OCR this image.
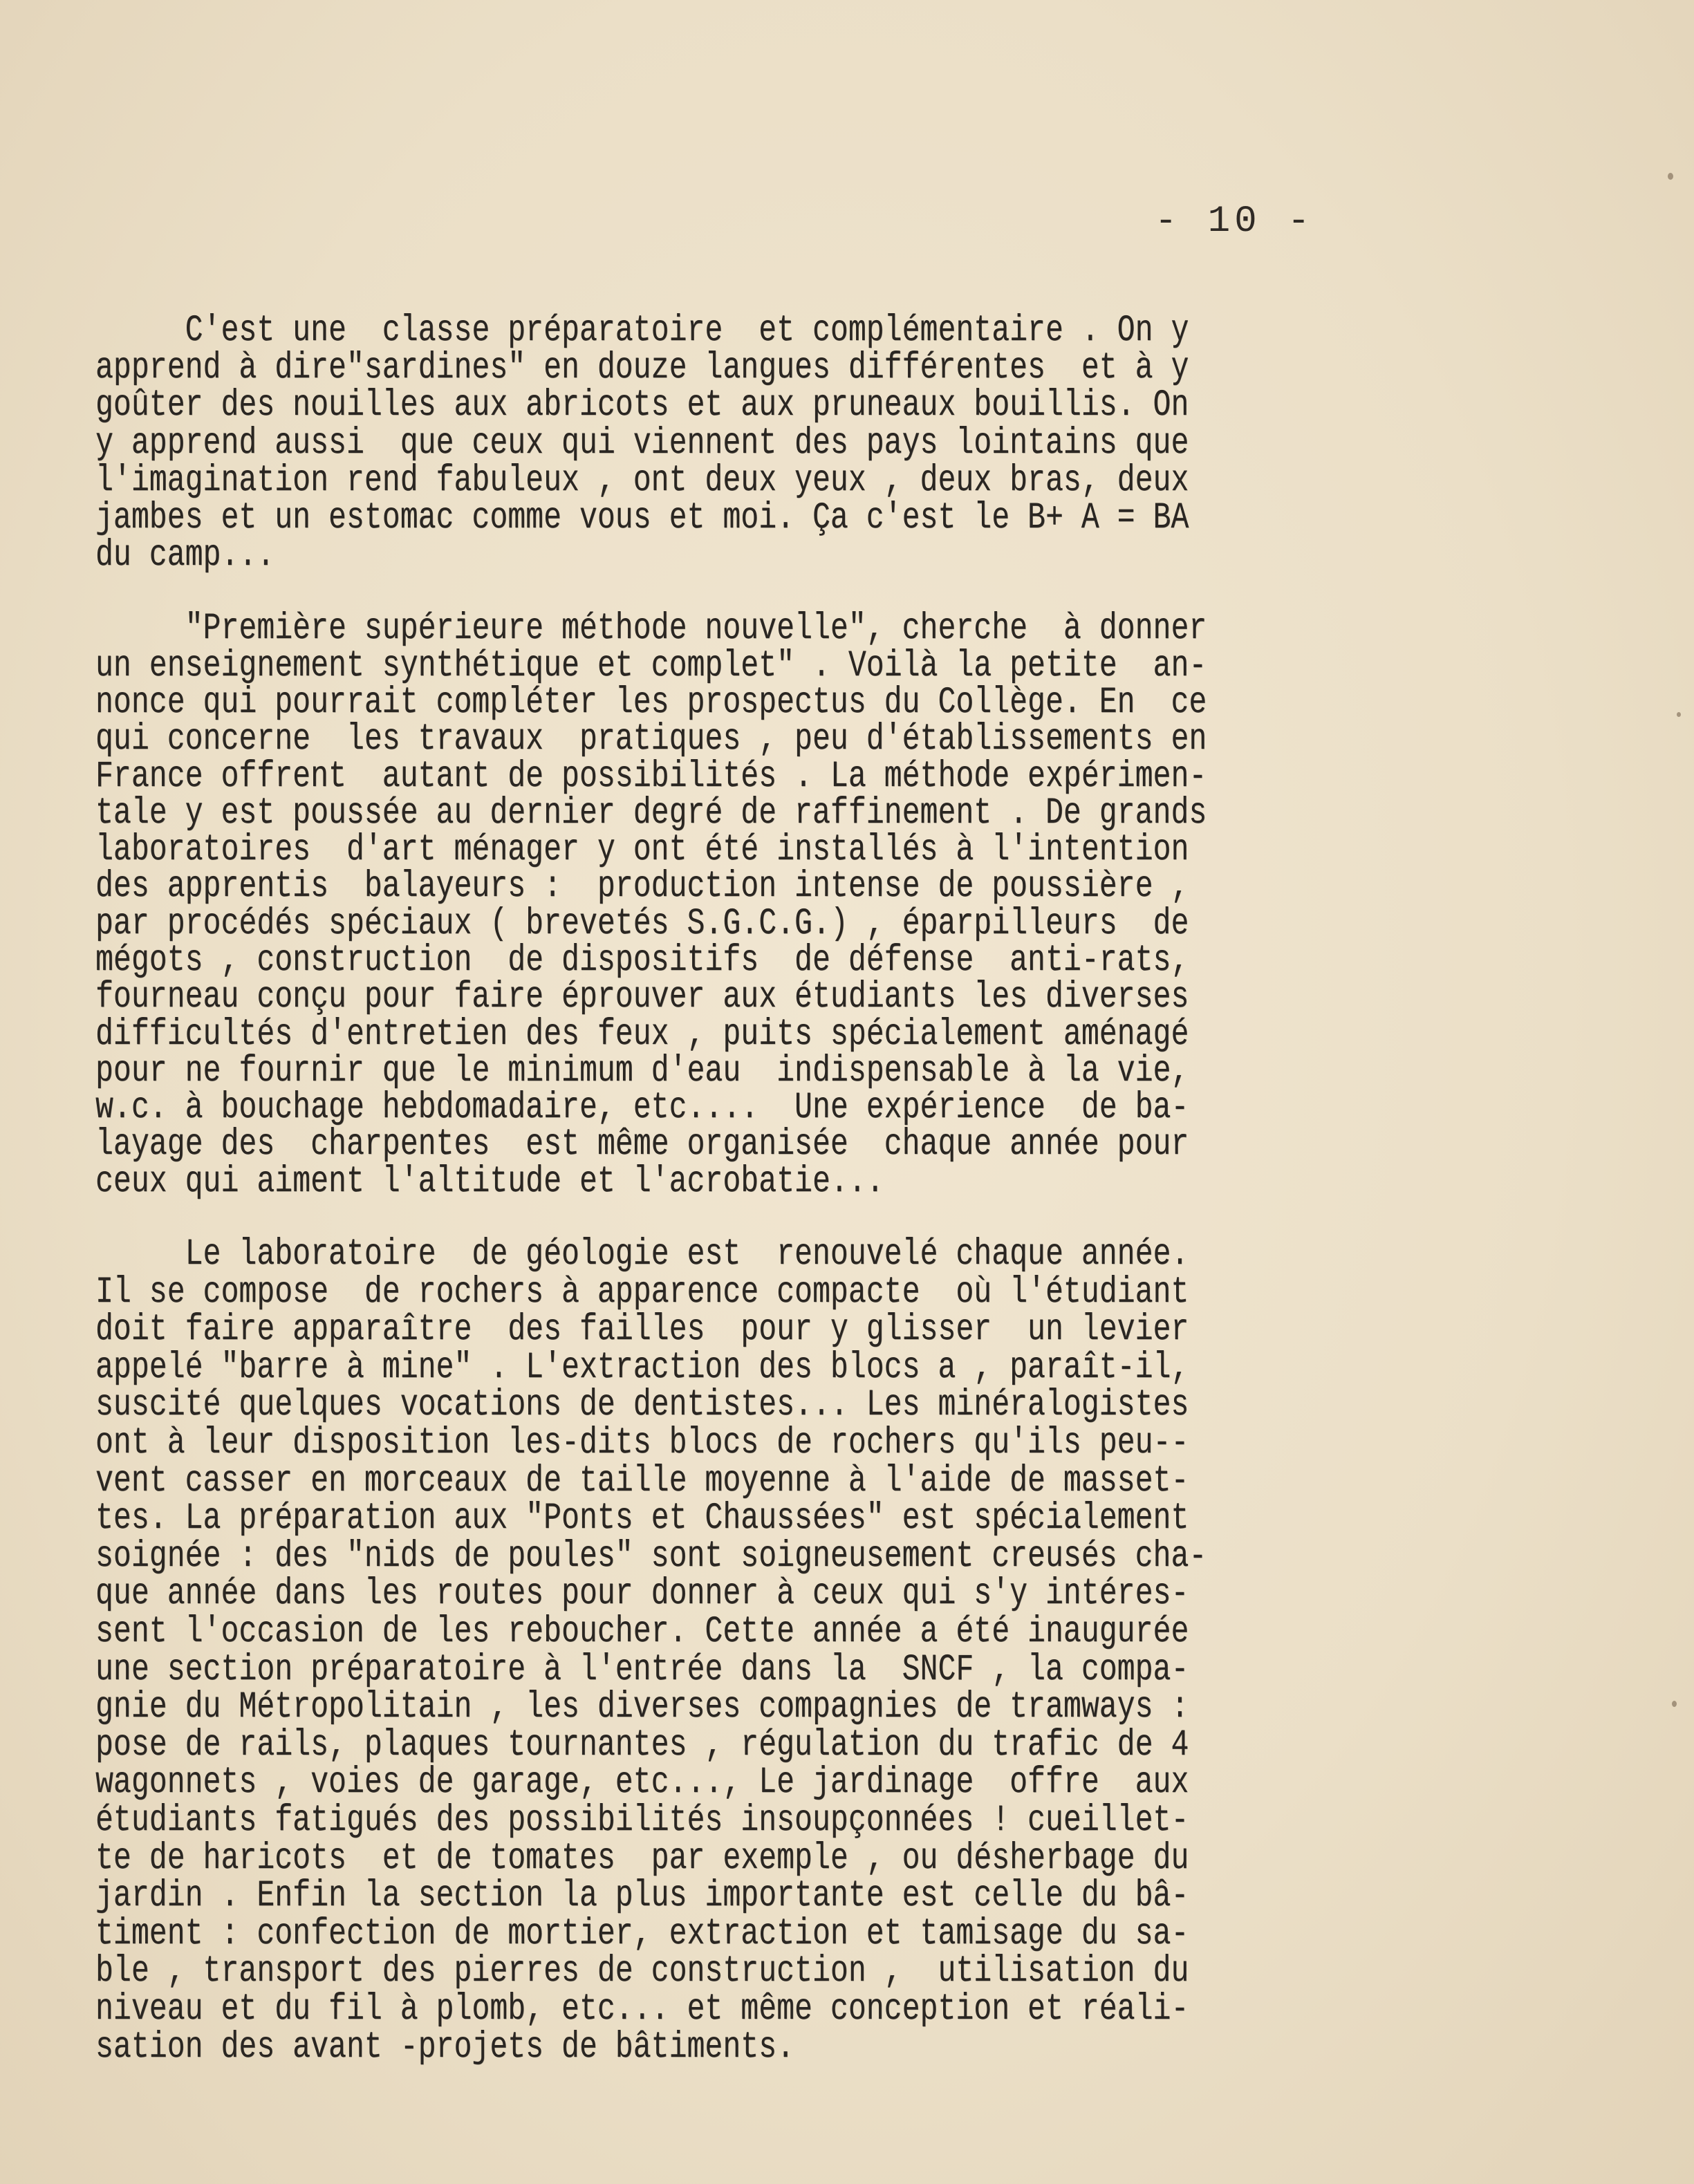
- 10 -
C'est une  classe préparatoire  et complémentaire . On y
apprend à dire"sardines" en douze langues différentes  et à y
goûter des nouilles aux abricots et aux pruneaux bouillis. On
y apprend aussi  que ceux qui viennent des pays lointains que
l'imagination rend fabuleux , ont deux yeux , deux bras, deux
jambes et un estomac comme vous et moi. Ça c'est le B+ A = BA
du camp...
"Première supérieure méthode nouvelle", cherche  à donner
un enseignement synthétique et complet" . Voilà la petite  an-
nonce qui pourrait compléter les prospectus du Collège. En  ce
qui concerne  les travaux  pratiques , peu d'établissements en
France offrent  autant de possibilités . La méthode expérimen-
tale y est poussée au dernier degré de raffinement . De grands
laboratoires  d'art ménager y ont été installés à l'intention
des apprentis  balayeurs :  production intense de poussière ,
par procédés spéciaux ( brevetés S.G.C.G.) , éparpilleurs  de
mégots , construction  de dispositifs  de défense  anti-rats,
fourneau conçu pour faire éprouver aux étudiants les diverses
difficultés d'entretien des feux , puits spécialement aménagé
pour ne fournir que le minimum d'eau  indispensable à la vie,
w.c. à bouchage hebdomadaire, etc....  Une expérience  de ba-
layage des  charpentes  est même organisée  chaque année pour
ceux qui aiment l'altitude et l'acrobatie...
Le laboratoire  de géologie est  renouvelé chaque année.
Il se compose  de rochers à apparence compacte  où l'étudiant
doit faire apparaître  des failles  pour y glisser  un levier
appelé "barre à mine" . L'extraction des blocs a , paraît-il,
suscité quelques vocations de dentistes... Les minéralogistes
ont à leur disposition les-dits blocs de rochers qu'ils peu--
vent casser en morceaux de taille moyenne à l'aide de masset-
tes. La préparation aux "Ponts et Chaussées" est spécialement
soignée : des "nids de poules" sont soigneusement creusés cha-
que année dans les routes pour donner à ceux qui s'y intéres-
sent l'occasion de les reboucher. Cette année a été inaugurée
une section préparatoire à l'entrée dans la  SNCF , la compa-
gnie du Métropolitain , les diverses compagnies de tramways :
pose de rails, plaques tournantes , régulation du trafic de 4
wagonnets , voies de garage, etc..., Le jardinage  offre  aux
étudiants fatigués des possibilités insoupçonnées ! cueillet-
te de haricots  et de tomates  par exemple , ou désherbage du
jardin . Enfin la section la plus importante est celle du bâ-
timent : confection de mortier, extraction et tamisage du sa-
ble , transport des pierres de construction ,  utilisation du
niveau et du fil à plomb, etc... et même conception et réali-
sation des avant -projets de bâtiments.
